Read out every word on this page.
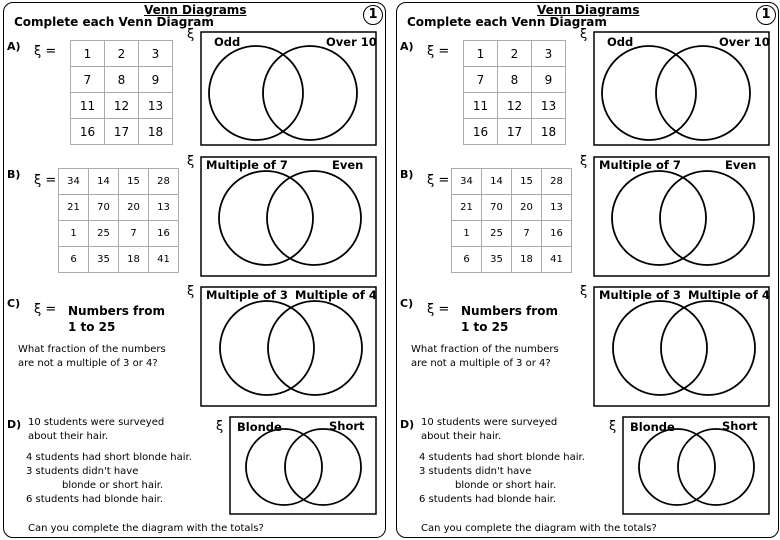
Venn Diagrams
Complete each Venn Diagram	1
A) ξ = 1	2	3
7	8	9
11	12	13
16	17	18
ξ Odd	Over 10
B) ξ = 34	14	15	28
21	70	20	13
1	25	7	16
6	35	18	41
ξ Multiple of 7	Even
C) ξ = Numbers from
1 to 25
What fraction of the numbers
are not a multiple of 3 or 4?
ξ Multiple of 3 Multiple of 4
D) 10 students were surveyed
about their hair.
4 students had short blonde hair.
3 students didn't have
blonde or short hair.
6 students had blonde hair.
Can you complete the diagram with the totals?
ξ Blonde	Short
Venn Diagrams
Complete each Venn Diagram	1
A) ξ = 1	2	3
7	8	9
11	12	13
16	17	18
ξ Odd	Over 10
B) ξ = 34	14	15	28
21	70	20	13
1	25	7	16
6	35	18	41
ξ Multiple of 7	Even
C) ξ = Numbers from
1 to 25
What fraction of the numbers
are not a multiple of 3 or 4?
ξ Multiple of 3 Multiple of 4
D) 10 students were surveyed
about their hair.
4 students had short blonde hair.
3 students didn't have
blonde or short hair.
6 students had blonde hair.
Can you complete the diagram with the totals?
ξ Blonde	Short
